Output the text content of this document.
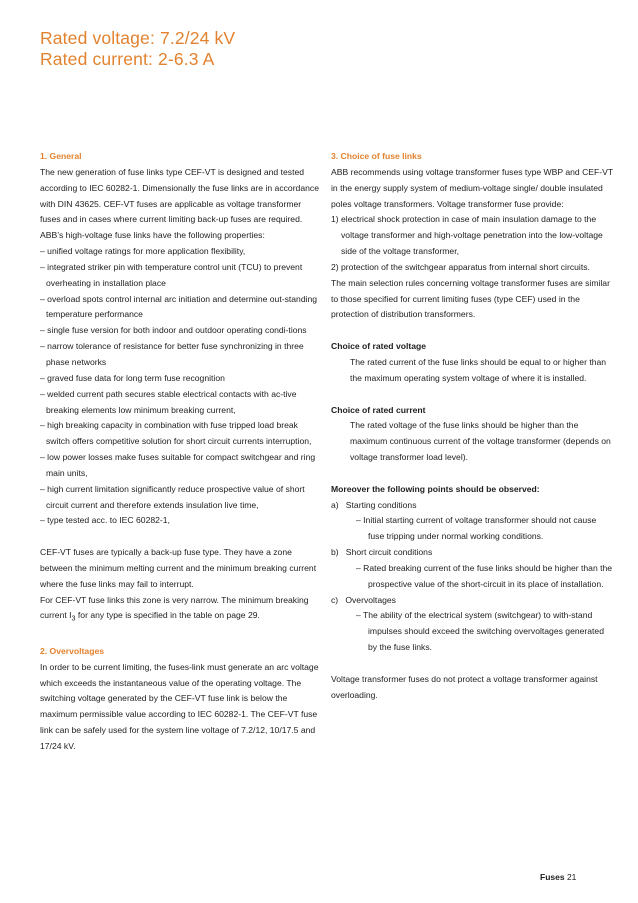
Rated voltage: 7.2/24 kV
Rated current: 2-6.3 A
1. General

The new generation of fuse links type CEF-VT is designed and tested according to IEC 60282-1. Dimensionally the fuse links are in accordance with DIN 43625. CEF-VT fuses are applicable as voltage transformer fuses and in cases where current limiting back-up fuses are required. ABB’s high-voltage fuse links have the following properties:

– unified voltage ratings for more application flexibility,
– integrated striker pin with temperature control unit (TCU) to prevent overheating in installation place
– overload spots control internal arc initiation and determine out-standing temperature performance
– single fuse version for both indoor and outdoor operating condi-tions
– narrow tolerance of resistance for better fuse synchronizing in three phase networks
– graved fuse data for long term fuse recognition
– welded current path secures stable electrical contacts with ac-tive breaking elements low minimum breaking current,
– high breaking capacity in combination with fuse tripped load break switch offers competitive solution for short circuit currents interruption,
– low power losses make fuses suitable for compact switchgear and ring main units,
– high current limitation significantly reduce prospective value of short circuit current and therefore extends insulation live time,
– type tested acc. to IEC 60282-1,

CEF-VT fuses are typically a back-up fuse type. They have a zone between the minimum melting current and the minimum breaking current where the fuse links may fail to interrupt.

For CEF-VT fuse links this zone is very narrow. The minimum breaking current $I_3$ for any type is specified in the table on page 29.

2. Overvoltages

In order to be current limiting, the fuses-link must generate an arc voltage which exceeds the instantaneous value of the operating voltage. The switching voltage generated by the CEF-VT fuse link is below the maximum permissible value according to IEC 60282-1. The CEF-VT fuse link can be safely used for the system line voltage of 7.2/12, 10/17.5 and 17/24 kV.

3. Choice of fuse links

ABB recommends using voltage transformer fuses type WBP and CEF-VT in the energy supply system of medium-voltage single/ double insulated poles voltage transformers. Voltage transformer fuse provide:

1) electrical shock protection in case of main insulation damage to the voltage transformer and high-voltage penetration into the low-voltage side of the voltage transformer,
2) protection of the switchgear apparatus from internal short circuits.

The main selection rules concerning voltage transformer fuses are similar to those specified for current limiting fuses (type CEF) used in the protection of distribution transformers.

Choice of rated voltage
The rated current of the fuse links should be equal to or higher than the maximum operating system voltage of where it is installed.
Choice of rated current
The rated voltage of the fuse links should be higher than the maximum continuous current of the voltage transformer (depends on voltage transformer load level).
Moreover the following points should be observed:
a)   Starting conditions
– Initial starting current of voltage transformer should not cause fuse tripping under normal working conditions.
b)   Short circuit conditions
– Rated breaking current of the fuse links should be higher than the prospective value of the short-circuit in its place of installation.
c)   Overvoltages
– The ability of the electrical system (switchgear) to with-stand impulses should exceed the switching overvoltages generated by the fuse links.

Voltage transformer fuses do not protect a voltage transformer against overloading.

Fuses 21
